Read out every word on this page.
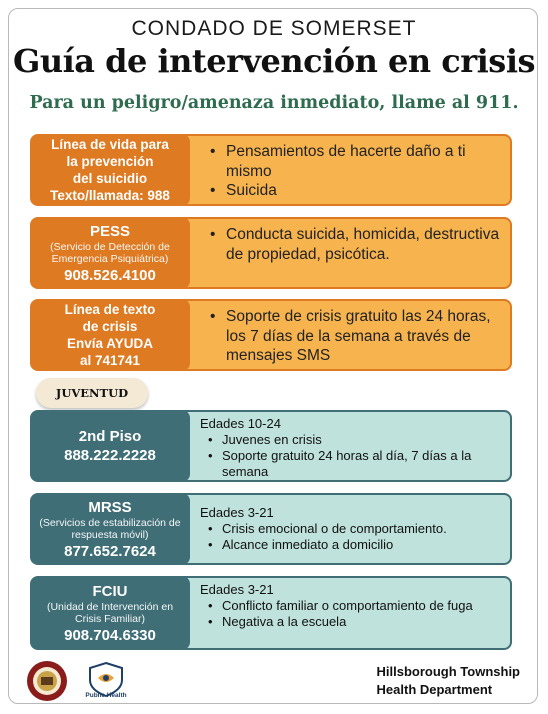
CONDADO DE SOMERSET
Guía de intervención en crisis
Para un peligro/amenaza inmediato, llame al 911.
Línea de vida para
la prevención
del suicidio
Texto/llamada: 988
• Pensamientos de hacerte daño a ti mismo
• Suicida
PESS
(Servicio de Detección de Emergencia Psiquiátrica)
908.526.4100
• Conducta suicida, homicida, destructiva de propiedad, psicótica.
Línea de texto
de crisis
Envía AYUDA
al 741741
• Soporte de crisis gratuito las 24 horas, los 7 días de la semana a través de mensajes SMS
JUVENTUD
2nd Piso
888.222.2228
Edades 10-24
• Juvenes en crisis
• Soporte gratuito 24 horas al día, 7 días a la semana
MRSS
(Servicios de estabilización de respuesta móvil)
877.652.7624
Edades 3-21
• Crisis emocional o de comportamiento.
• Alcance inmediato a domicilio
FCIU
(Unidad de Intervención en Crisis Familiar)
908.704.6330
Edades 3-21
• Conflicto familiar o comportamiento de fuga
• Negativa a la escuela
Public Health
Hillsborough Township
Health Department
